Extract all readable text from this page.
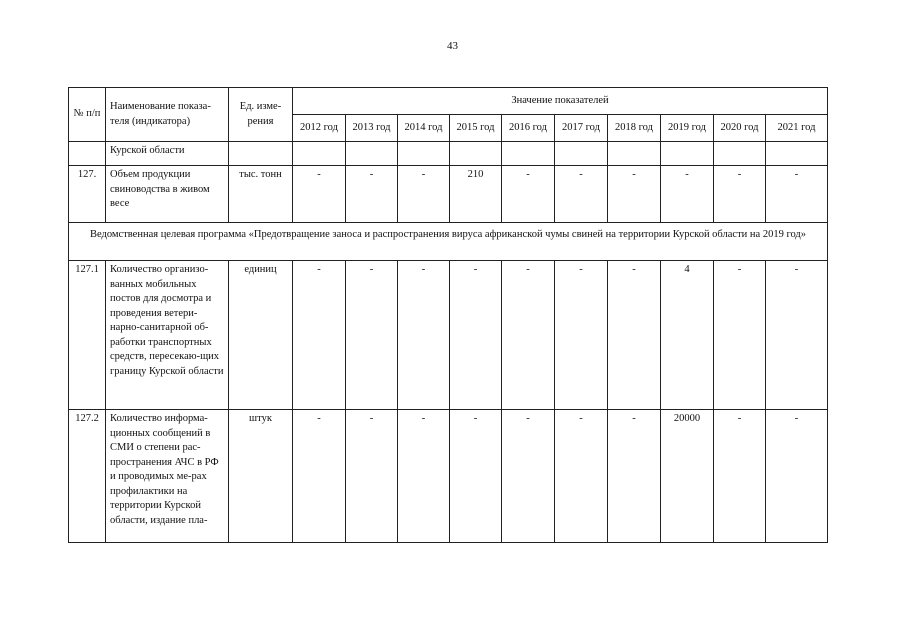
43
№ п/п	Наименование показа-теля (индикатора)	Ед. изме-рения	Значение показателей									
			2012 год	2013 год	2014 год	2015 год	2016 год	2017 год	2018 год	2019 год	2020 год	2021 год
	Курской области											
127.	Объем продукции свиноводства в живом весе	тыс. тонн	-	-	-	210	-	-	-	-	-	-
Ведомственная целевая программа «Предотвращение заноса и распространения вируса африканской чумы свиней на территории Курской области на 2019 год»												
127.1	Количество организо-ванных мобильных постов для досмотра и проведения ветери-нарно-санитарной об-работки транспортных средств, пересекаю-щих границу Курской области	единиц	-	-	-	-	-	-	-	4	-	-
127.2	Количество информа-ционных сообщений в СМИ о степени рас-пространения АЧС в РФ и проводимых ме-рах профилактики на территории Курской области, издание пла-	штук	-	-	-	-	-	-	-	20000	-	-
